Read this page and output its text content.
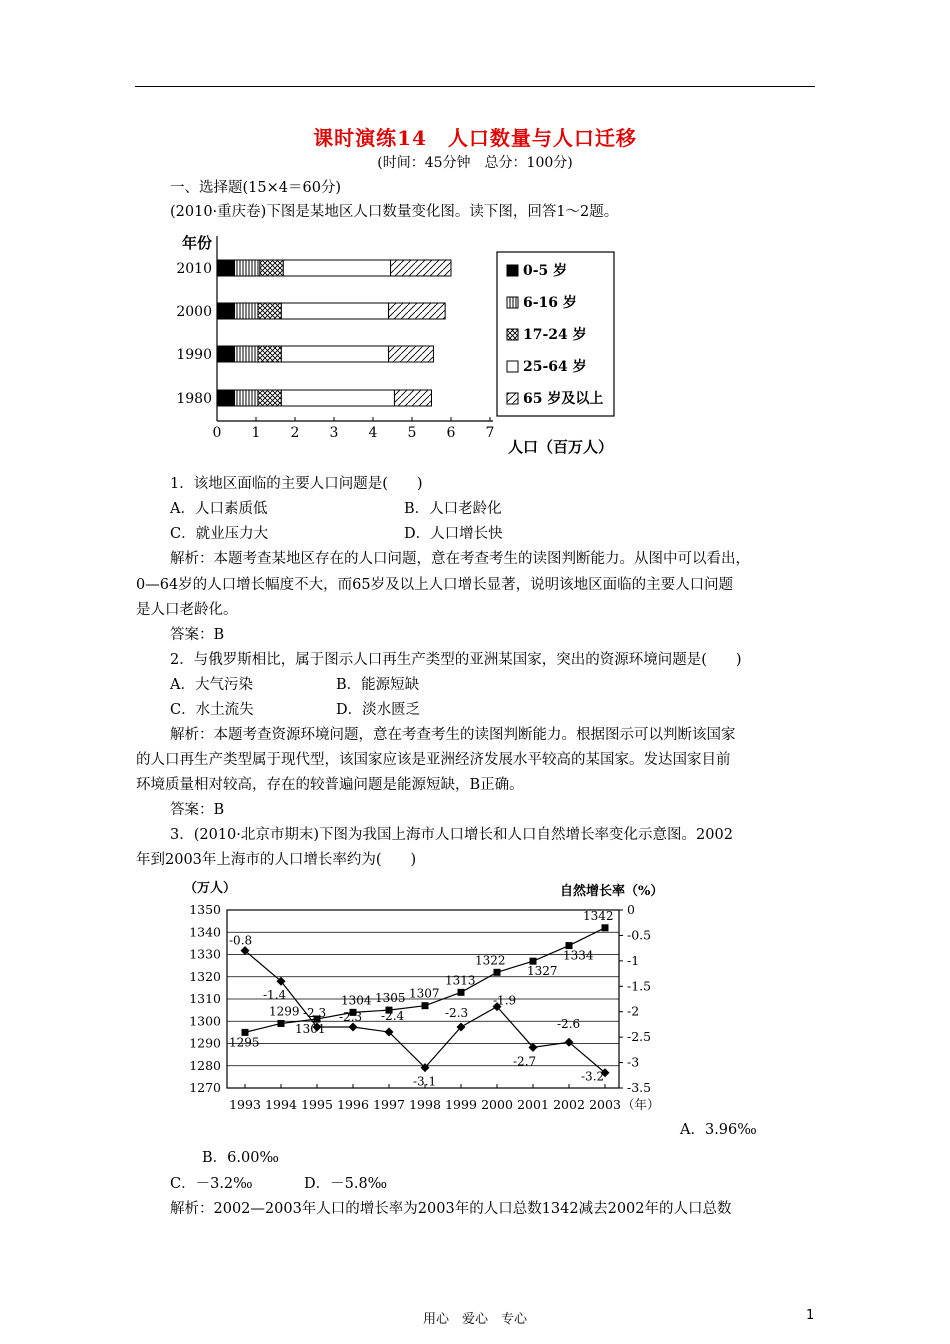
课时演练14　人口数量与人口迁移
(时间：45分钟　总分：100分)
一、选择题(15×4＝60分)
(2010·重庆卷)下图是某地区人口数量变化图。读下图，回答1～2题。
年份
2010
2000
1990
1980
0 1 2 3 4 5 6 7
0-5 岁
6-16 岁
17-24 岁
25-64 岁
65 岁及以上
人口（百万人）
1．该地区面临的主要人口问题是(　　)
A．人口素质低	B．人口老龄化
C．就业压力大	D．人口增长快
解析：本题考查某地区存在的人口问题，意在考查考生的读图判断能力。从图中可以看出，
0—64岁的人口增长幅度不大，而65岁及以上人口增长显著，说明该地区面临的主要人口问题
是人口老龄化。
答案：B
2．与俄罗斯相比，属于图示人口再生产类型的亚洲某国家，突出的资源环境问题是(　　)
A．大气污染	B．能源短缺
C．水土流失	D．淡水匮乏
解析：本题考查资源环境问题，意在考查考生的读图判断能力。根据图示可以判断该国家
的人口再生产类型属于现代型，该国家应该是亚洲经济发展水平较高的某国家。发达国家目前
环境质量相对较高，存在的较普遍问题是能源短缺，B正确。
答案：B
3．(2010·北京市期末)下图为我国上海市人口增长和人口自然增长率变化示意图。2002
年到2003年上海市的人口增长率约为(　　)
（万人）	自然增长率（%）
1350
1340
1330
1320
1310
1300
1290
1280
1270
0
-0.5
-1
-1.5
-2
-2.5
-3
-3.5
1993 1994 1995 1996 1997 1998 1999 2000 2001 2002 2003 （年）
1295
1299
1301
1304 1305 1307
1313
1322
1327
1334
1342
-0.8
-1.4
-2.3 -2.3 -2.4
-3.1
-2.3
-1.9
-2.7
-2.6
-3.2
A．3.96‰
B．6.00‰
C．－3.2‰	D．－5.8‰
解析：2002—2003年人口的增长率为2003年的人口总数1342减去2002年的人口总数
用心　爱心　专心	1
